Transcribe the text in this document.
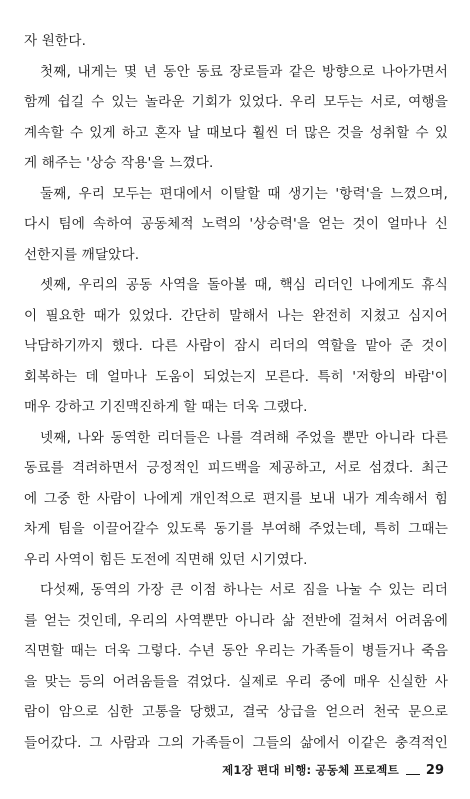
자 원한다.
첫째, 내게는 몇 년 동안 동료 장로들과 같은 방향으로 나아가면서
함께 쉽길 수 있는 놀라운 기회가 있었다. 우리 모두는 서로, 여행을
계속할 수 있게 하고 혼자 날 때보다 훨씬 더 많은 것을 성취할 수 있
게 해주는 '상승 작용'을 느꼈다.
둘째, 우리 모두는 편대에서 이탈할 때 생기는 '항력'을 느꼈으며,
다시 팀에 속하여 공동체적 노력의 '상승력'을 얻는 것이 얼마나 신
선한지를 깨달았다.
셋째, 우리의 공동 사역을 돌아볼 때, 핵심 리더인 나에게도 휴식
이 필요한 때가 있었다. 간단히 말해서 나는 완전히 지쳤고 심지어
낙담하기까지 했다. 다른 사람이 잠시 리더의 역할을 맡아 준 것이
회복하는 데 얼마나 도움이 되었는지 모른다. 특히 '저항의 바람'이
매우 강하고 기진맥진하게 할 때는 더욱 그랬다.
넷째, 나와 동역한 리더들은 나를 격려해 주었을 뿐만 아니라 다른
동료를 격려하면서 긍정적인 피드백을 제공하고, 서로 섬겼다. 최근
에 그중 한 사람이 나에게 개인적으로 편지를 보내 내가 계속해서 힘
차게 팀을 이끌어갈수 있도록 동기를 부여해 주었는데, 특히 그때는
우리 사역이 힘든 도전에 직면해 있던 시기였다.
다섯째, 동역의 가장 큰 이점 하나는 서로 짐을 나눌 수 있는 리더
를 얻는 것인데, 우리의 사역뿐만 아니라 삶 전반에 걸쳐서 어려움에
직면할 때는 더욱 그렇다. 수년 동안 우리는 가족들이 병들거나 죽음
을 맞는 등의 어려움들을 겪었다. 실제로 우리 중에 매우 신실한 사
람이 암으로 심한 고통을 당했고, 결국 상급을 얻으러 천국 문으로
들어갔다. 그 사람과 그의 가족들이 그들의 삶에서 이같은 충격적인
제1장 편대 비행: 공동체 프로젝트 29
